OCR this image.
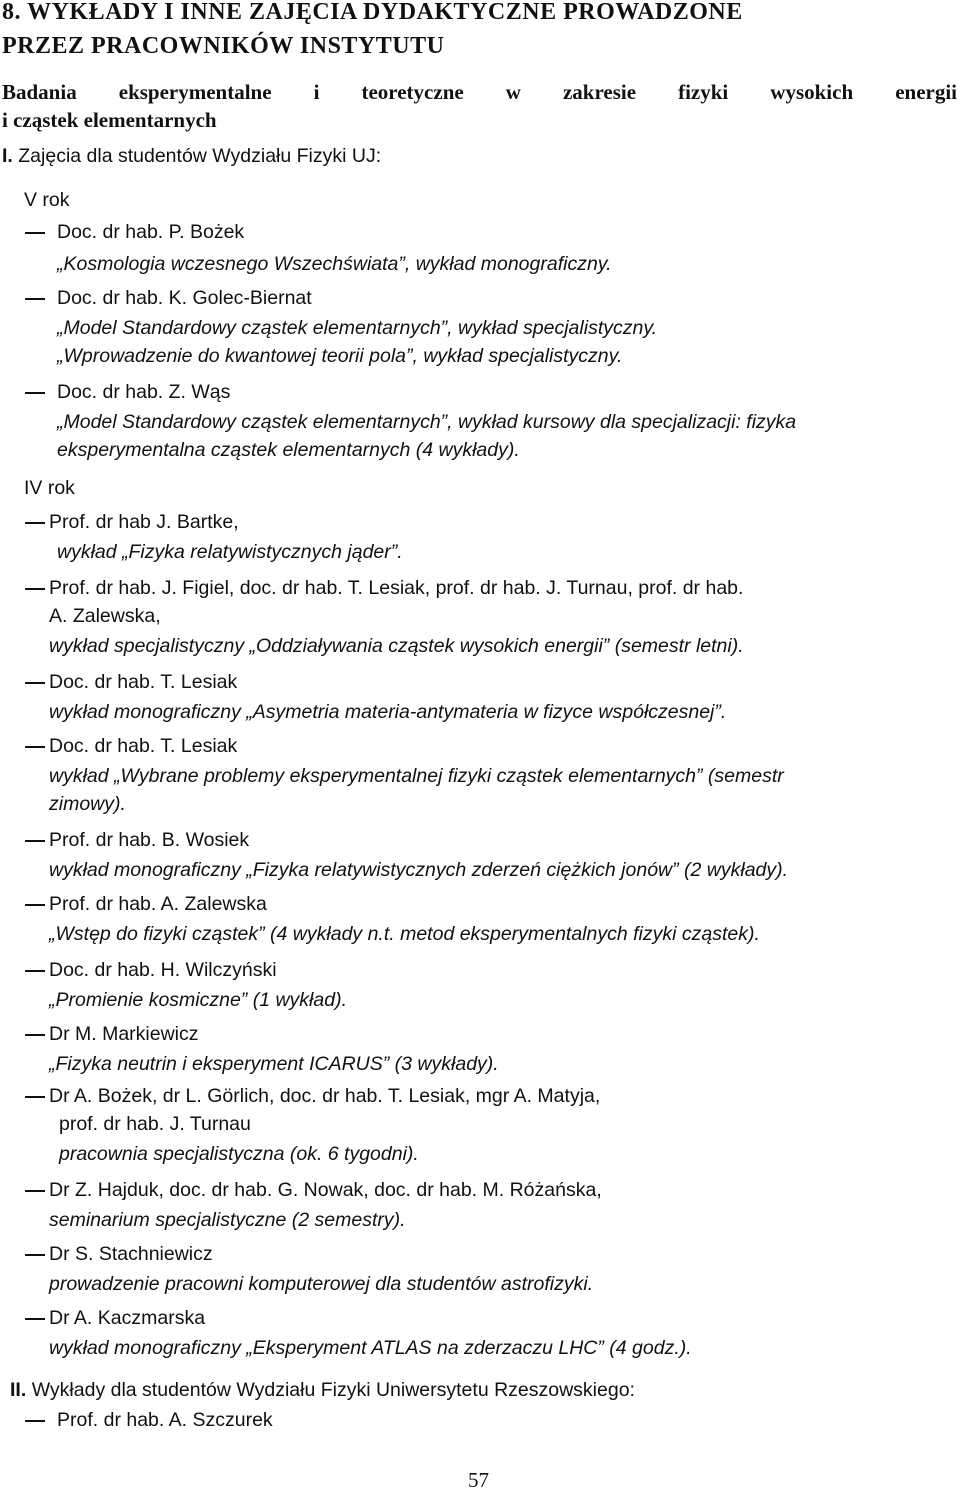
8. WYKŁADY I INNE ZAJĘCIA DYDAKTYCZNE PROWADZONE
PRZEZ PRACOWNIKÓW INSTYTUTU
Badania eksperymentalne i teoretyczne w zakresie fizyki wysokich energii
i cząstek elementarnych
I. Zajęcia dla studentów Wydziału Fizyki UJ:
V rok
Doc. dr hab. P. Bożek
„Kosmologia wczesnego Wszechświata”, wykład monograficzny.
Doc. dr hab. K. Golec-Biernat
„Model Standardowy cząstek elementarnych”, wykład specjalistyczny.
„Wprowadzenie do kwantowej teorii pola”, wykład specjalistyczny.
Doc. dr hab. Z. Wąs
„Model Standardowy cząstek elementarnych”, wykład kursowy dla specjalizacji: fizyka
eksperymentalna cząstek elementarnych (4 wykłady).
IV rok
Prof. dr hab J. Bartke,
wykład „Fizyka relatywistycznych jąder”.
Prof. dr hab. J. Figiel, doc. dr hab. T. Lesiak, prof. dr hab. J. Turnau, prof. dr hab.
A. Zalewska,
wykład specjalistyczny „Oddziaływania cząstek wysokich energii” (semestr letni).
Doc. dr hab. T. Lesiak
wykład monograficzny „Asymetria materia-antymateria w fizyce współczesnej”.
Doc. dr hab. T. Lesiak
wykład „Wybrane problemy eksperymentalnej fizyki cząstek elementarnych” (semestr
zimowy).
Prof. dr hab. B. Wosiek
wykład monograficzny „Fizyka relatywistycznych zderzeń ciężkich jonów” (2 wykłady).
Prof. dr hab. A. Zalewska
„Wstęp do fizyki cząstek” (4 wykłady n.t. metod eksperymentalnych fizyki cząstek).
Doc. dr hab. H. Wilczyński
„Promienie kosmiczne” (1 wykład).
Dr M. Markiewicz
„Fizyka neutrin i eksperyment ICARUS” (3 wykłady).
Dr A. Bożek, dr L. Görlich, doc. dr hab. T. Lesiak, mgr A. Matyja,
prof. dr hab. J. Turnau
pracownia specjalistyczna (ok. 6 tygodni).
Dr Z. Hajduk, doc. dr hab. G. Nowak, doc. dr hab. M. Różańska,
seminarium specjalistyczne (2 semestry).
Dr S. Stachniewicz
prowadzenie pracowni komputerowej dla studentów astrofizyki.
Dr A. Kaczmarska
wykład monograficzny „Eksperyment ATLAS na zderzaczu LHC” (4 godz.).
II. Wykłady dla studentów Wydziału Fizyki Uniwersytetu Rzeszowskiego:
Prof. dr hab. A. Szczurek
57
